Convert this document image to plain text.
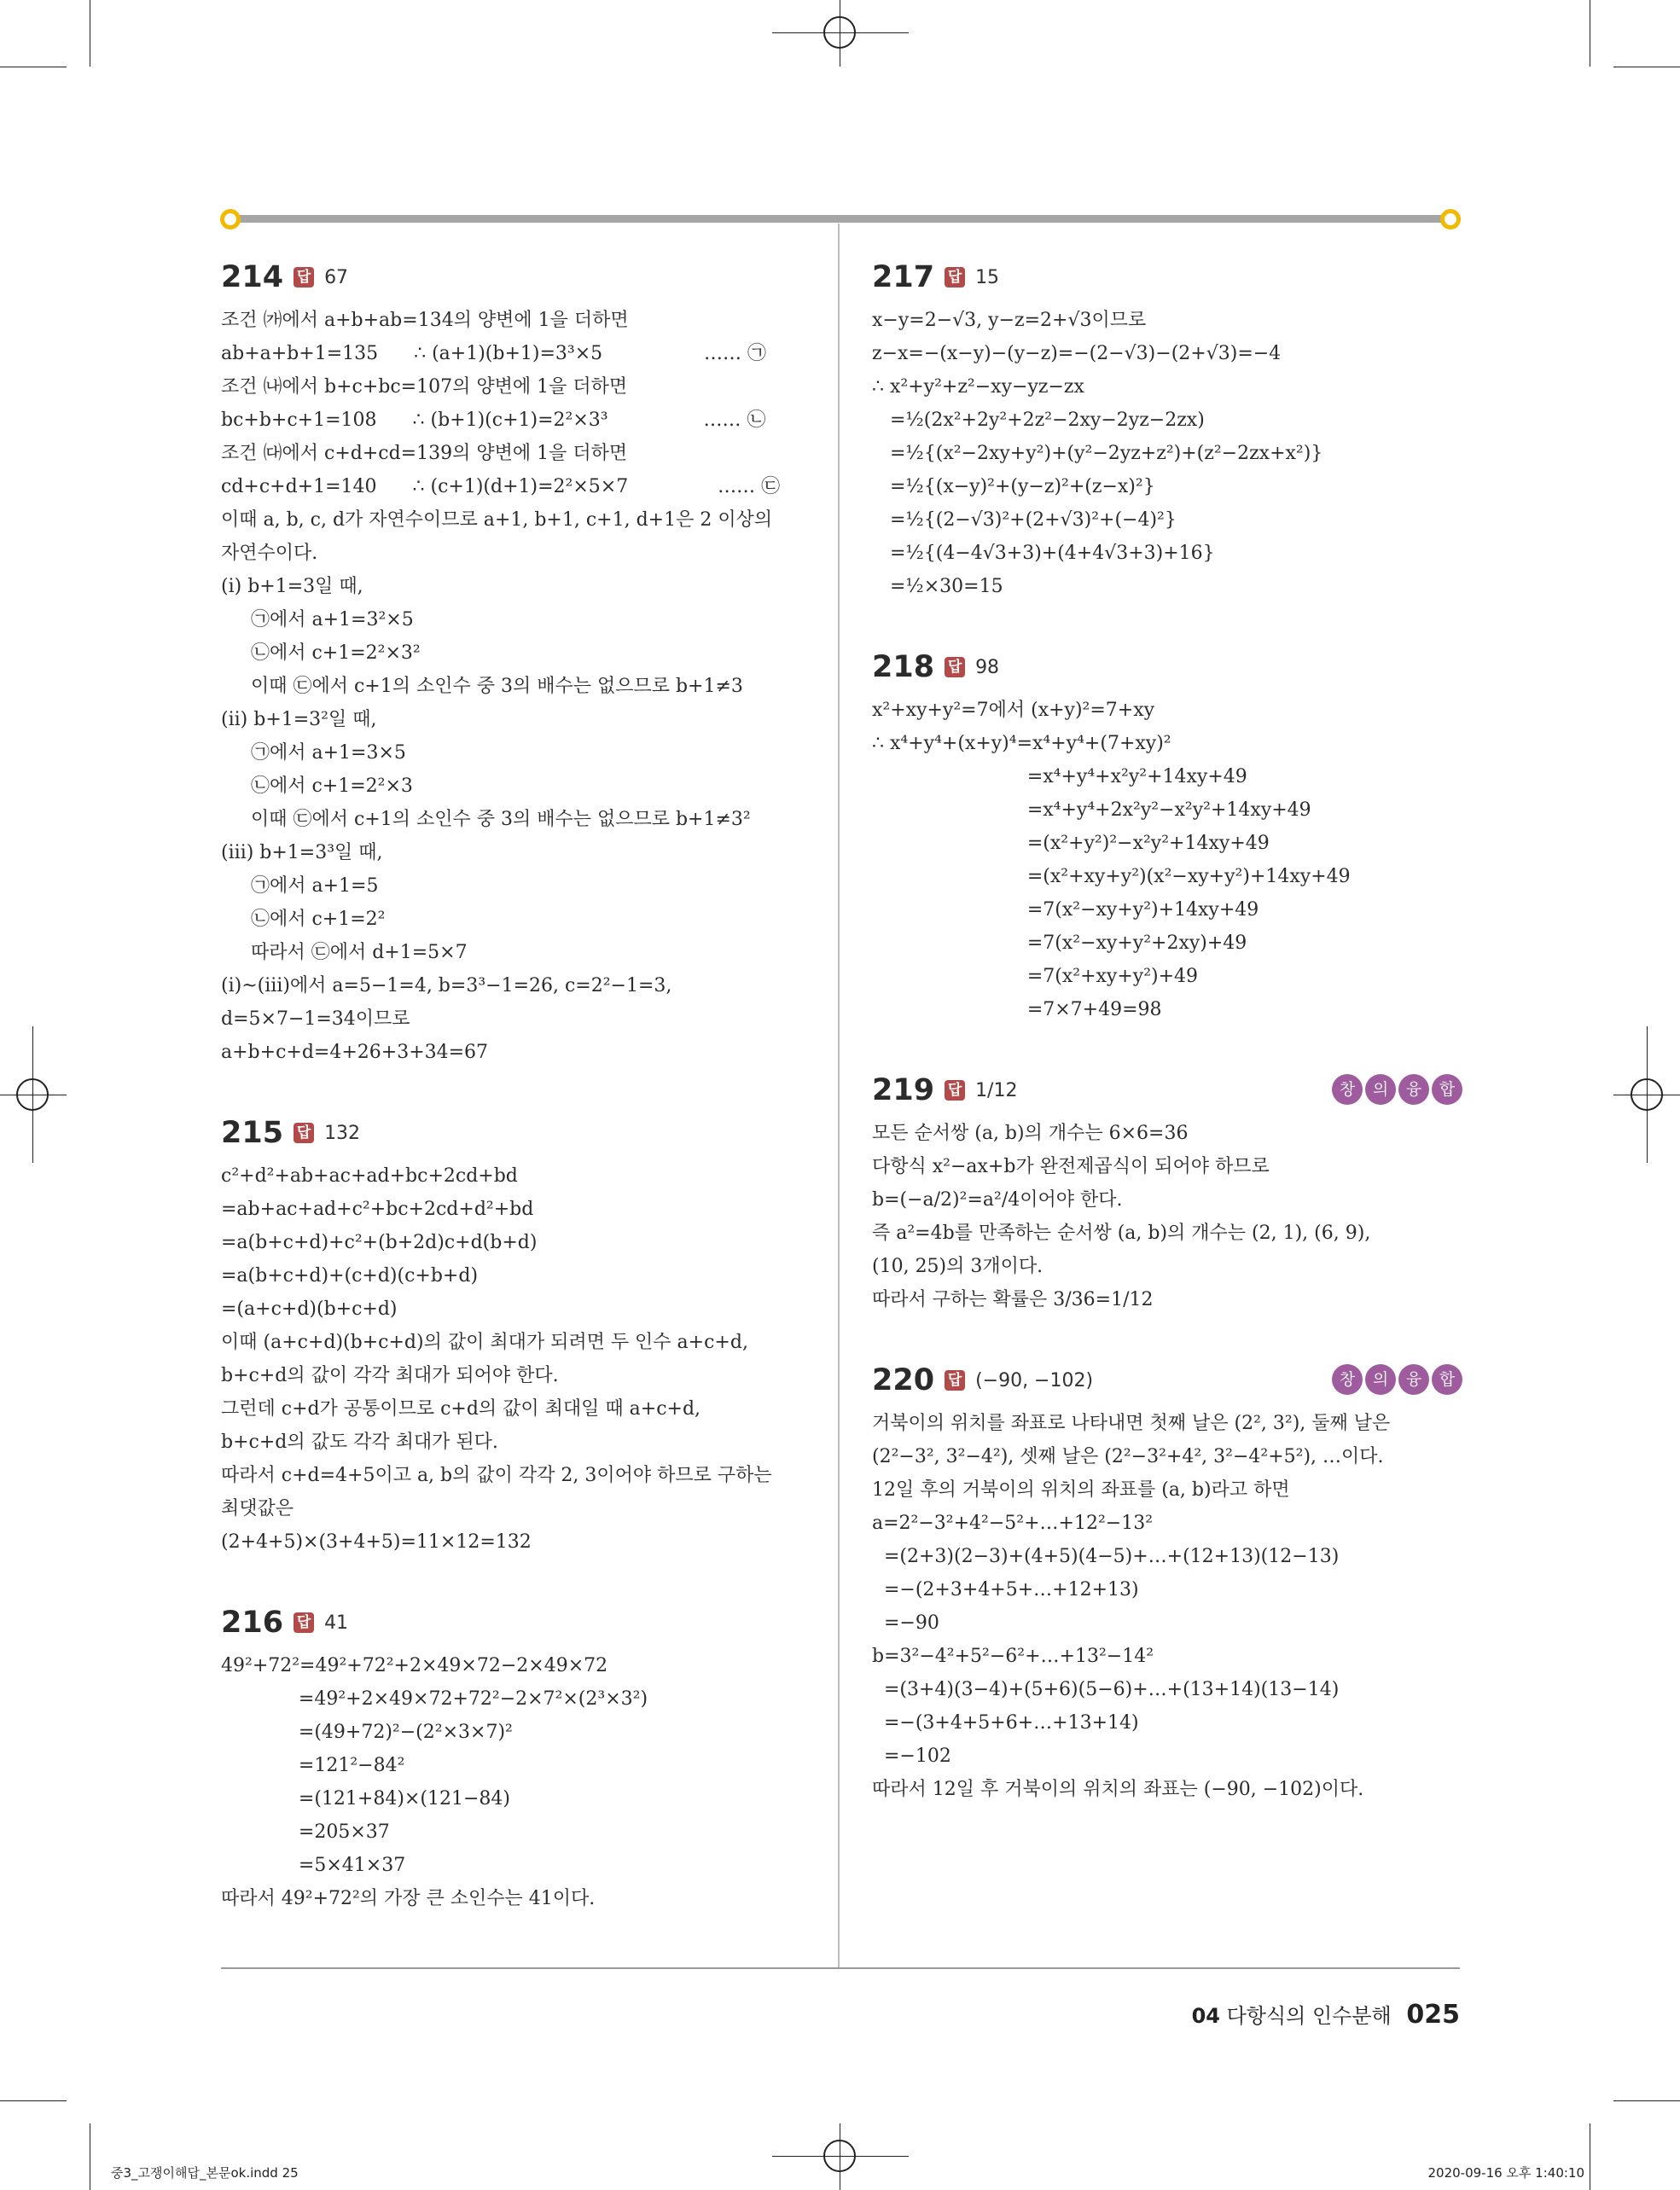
214 답 67
조건 ㈎에서 a+b+ab=134의 양변에 1을 더하면
ab+a+b+1=135      ∴ (a+1)(b+1)=3³×5                 …… ㉠
조건 ㈏에서 b+c+bc=107의 양변에 1을 더하면
bc+b+c+1=108      ∴ (b+1)(c+1)=2²×3³                …… ㉡
조건 ㈐에서 c+d+cd=139의 양변에 1을 더하면
cd+c+d+1=140      ∴ (c+1)(d+1)=2²×5×7               …… ㉢
이때 a, b, c, d가 자연수이므로 a+1, b+1, c+1, d+1은 2 이상의
자연수이다.
(ⅰ) b+1=3일 때,
㉠에서 a+1=3²×5
㉡에서 c+1=2²×3²
이때 ㉢에서 c+1의 소인수 중 3의 배수는 없으므로 b+1≠3
(ⅱ) b+1=3²일 때,
㉠에서 a+1=3×5
㉡에서 c+1=2²×3
이때 ㉢에서 c+1의 소인수 중 3의 배수는 없으므로 b+1≠3²
(ⅲ) b+1=3³일 때,
㉠에서 a+1=5
㉡에서 c+1=2²
따라서 ㉢에서 d+1=5×7
(ⅰ)~(ⅲ)에서 a=5−1=4, b=3³−1=26, c=2²−1=3,
d=5×7−1=34이므로
a+b+c+d=4+26+3+34=67
215 답 132
c²+d²+ab+ac+ad+bc+2cd+bd
=ab+ac+ad+c²+bc+2cd+d²+bd
=a(b+c+d)+c²+(b+2d)c+d(b+d)
=a(b+c+d)+(c+d)(c+b+d)
=(a+c+d)(b+c+d)
이때 (a+c+d)(b+c+d)의 값이 최대가 되려면 두 인수 a+c+d,
b+c+d의 값이 각각 최대가 되어야 한다.
그런데 c+d가 공통이므로 c+d의 값이 최대일 때 a+c+d,
b+c+d의 값도 각각 최대가 된다.
따라서 c+d=4+5이고 a, b의 값이 각각 2, 3이어야 하므로 구하는
최댓값은
(2+4+5)×(3+4+5)=11×12=132
216 답 41
49²+72²=49²+72²+2×49×72−2×49×72
=49²+2×49×72+72²−2×7²×(2³×3²)
=(49+72)²−(2²×3×7)²
=121²−84²
=(121+84)×(121−84)
=205×37
=5×41×37
따라서 49²+72²의 가장 큰 소인수는 41이다.
217 답 15
x−y=2−√3, y−z=2+√3이므로
z−x=−(x−y)−(y−z)=−(2−√3)−(2+√3)=−4
∴ x²+y²+z²−xy−yz−zx
=½(2x²+2y²+2z²−2xy−2yz−2zx)
=½{(x²−2xy+y²)+(y²−2yz+z²)+(z²−2zx+x²)}
=½{(x−y)²+(y−z)²+(z−x)²}
=½{(2−√3)²+(2+√3)²+(−4)²}
=½{(4−4√3+3)+(4+4√3+3)+16}
=½×30=15
218 답 98
x²+xy+y²=7에서 (x+y)²=7+xy
∴ x⁴+y⁴+(x+y)⁴=x⁴+y⁴+(7+xy)²
=x⁴+y⁴+x²y²+14xy+49
=x⁴+y⁴+2x²y²−x²y²+14xy+49
=(x²+y²)²−x²y²+14xy+49
=(x²+xy+y²)(x²−xy+y²)+14xy+49
=7(x²−xy+y²)+14xy+49
=7(x²−xy+y²+2xy)+49
=7(x²+xy+y²)+49
=7×7+49=98
219 답 1/12	창	의	융	합
모든 순서쌍 (a, b)의 개수는 6×6=36
다항식 x²−ax+b가 완전제곱식이 되어야 하므로
b=(−a/2)²=a²/4이어야 한다.
즉 a²=4b를 만족하는 순서쌍 (a, b)의 개수는 (2, 1), (6, 9),
(10, 25)의 3개이다.
따라서 구하는 확률은 3/36=1/12
220 답 (−90, −102)	창	의	융	합
거북이의 위치를 좌표로 나타내면 첫째 날은 (2², 3²), 둘째 날은
(2²−3², 3²−4²), 셋째 날은 (2²−3²+4², 3²−4²+5²), …이다.
12일 후의 거북이의 위치의 좌표를 (a, b)라고 하면
a=2²−3²+4²−5²+…+12²−13²
=(2+3)(2−3)+(4+5)(4−5)+…+(12+13)(12−13)
=−(2+3+4+5+…+12+13)
=−90
b=3²−4²+5²−6²+…+13²−14²
=(3+4)(3−4)+(5+6)(5−6)+…+(13+14)(13−14)
=−(3+4+5+6+…+13+14)
=−102
따라서 12일 후 거북이의 위치의 좌표는 (−90, −102)이다.
04 다항식의 인수분해 025
중3_고쟁이해답_본문ok.indd 25	2020-09-16 오후 1:40:10
